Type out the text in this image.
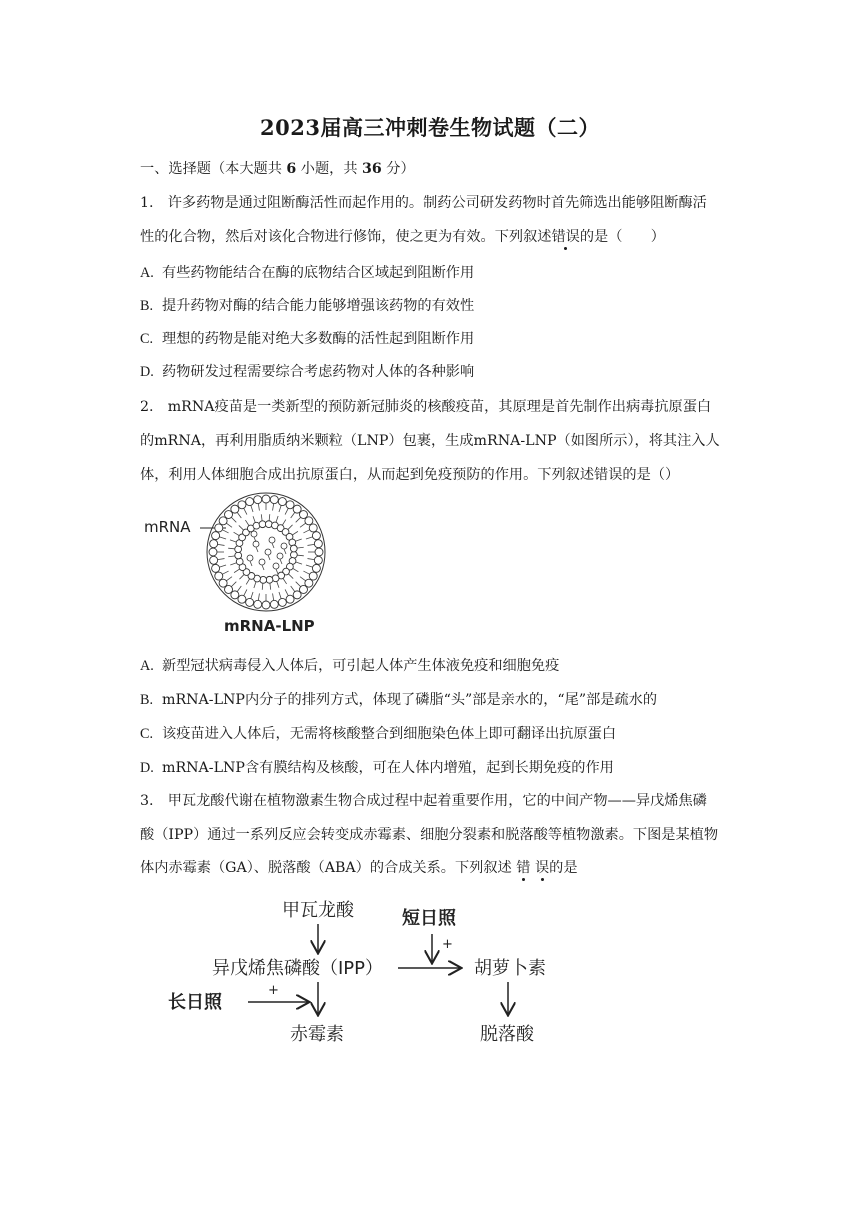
2023届高三冲刺卷生物试题（二）
一、选择题（本大题共 6 小题，共 36 分）
1.　许多药物是通过阻断酶活性而起作用的。制药公司研发药物时首先筛选出能够阻断酶活
性的化合物，然后对该化合物进行修饰，使之更为有效。下列叙述错误的是（　　）
A. 有些药物能结合在酶的底物结合区域起到阻断作用
B. 提升药物对酶的结合能力能够增强该药物的有效性
C. 理想的药物是能对绝大多数酶的活性起到阻断作用
D. 药物研发过程需要综合考虑药物对人体的各种影响
2.　mRNA疫苗是一类新型的预防新冠肺炎的核酸疫苗，其原理是首先制作出病毒抗原蛋白
的mRNA，再利用脂质纳米颗粒（LNP）包裹，生成mRNA-LNP（如图所示），将其注入人
体，利用人体细胞合成出抗原蛋白，从而起到免疫预防的作用。下列叙述错误的是（）
mRNA
mRNA-LNP
A. 新型冠状病毒侵入人体后，可引起人体产生体液免疫和细胞免疫
B. mRNA-LNP内分子的排列方式，体现了磷脂“头”部是亲水的，“尾”部是疏水的
C. 该疫苗进入人体后，无需将核酸整合到细胞染色体上即可翻译出抗原蛋白
D. mRNA-LNP含有膜结构及核酸，可在人体内增殖，起到长期免疫的作用
3.　甲瓦龙酸代谢在植物激素生物合成过程中起着重要作用，它的中间产物——异戊烯焦磷
酸（IPP）通过一系列反应会转变成赤霉素、细胞分裂素和脱落酸等植物激素。下图是某植物
体内赤霉素（GA）、脱落酸（ABA）的合成关系。下列叙述 错 误的是
甲瓦龙酸	短日照
+
异戊烯焦磷酸（IPP）	胡萝卜素
长日照
+
赤霉素	脱落酸
